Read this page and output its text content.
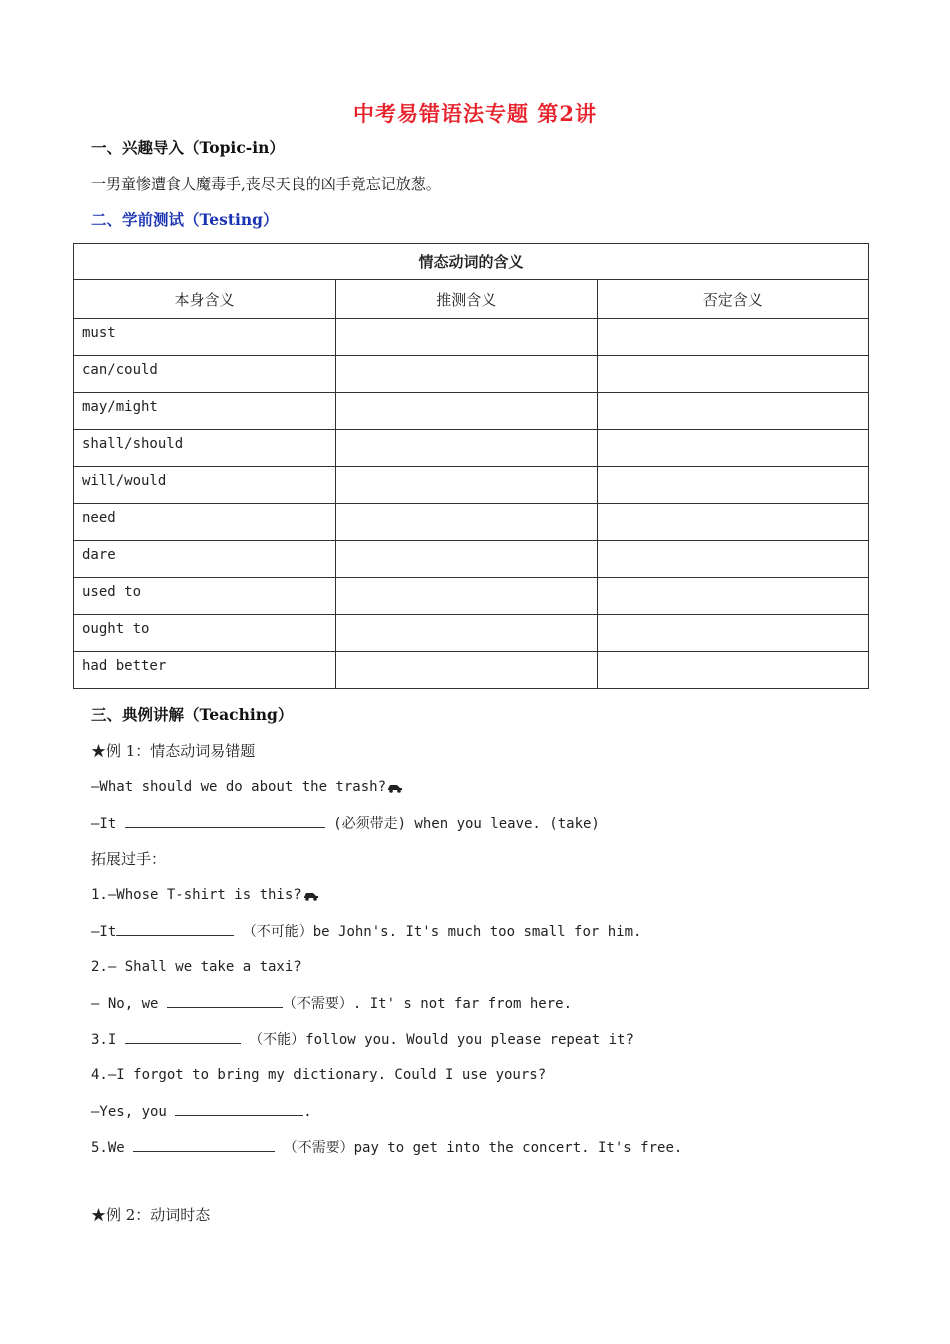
中考易错语法专题 第2讲
一、兴趣导入（Topic-in）
一男童惨遭食人魔毒手,丧尽天良的凶手竟忘记放葱。
二、学前测试（Testing）
情态动词的含义		
本身含义	推测含义	否定含义
must		
can/could		
may/might		
shall/should		
will/would		
need		
dare		
used to		
ought to		
had better		
三、典例讲解（Teaching）
★例 1：情态动词易错题
—What should we do about the trash?
—It	(必须带走) when you leave. (take)
拓展过手：
1.—Whose T-shirt is this?
—It	（不可能）be John's. It's much too small for him.
2.— Shall we take a taxi?
— No, we	（不需要）. It' s not far from here.
3.I	（不能）follow you. Would you please repeat it?
4.—I forgot to bring my dictionary. Could I use yours?
—Yes, you	.
5.We	（不需要）pay to get into the concert. It's free.
★例 2：动词时态
